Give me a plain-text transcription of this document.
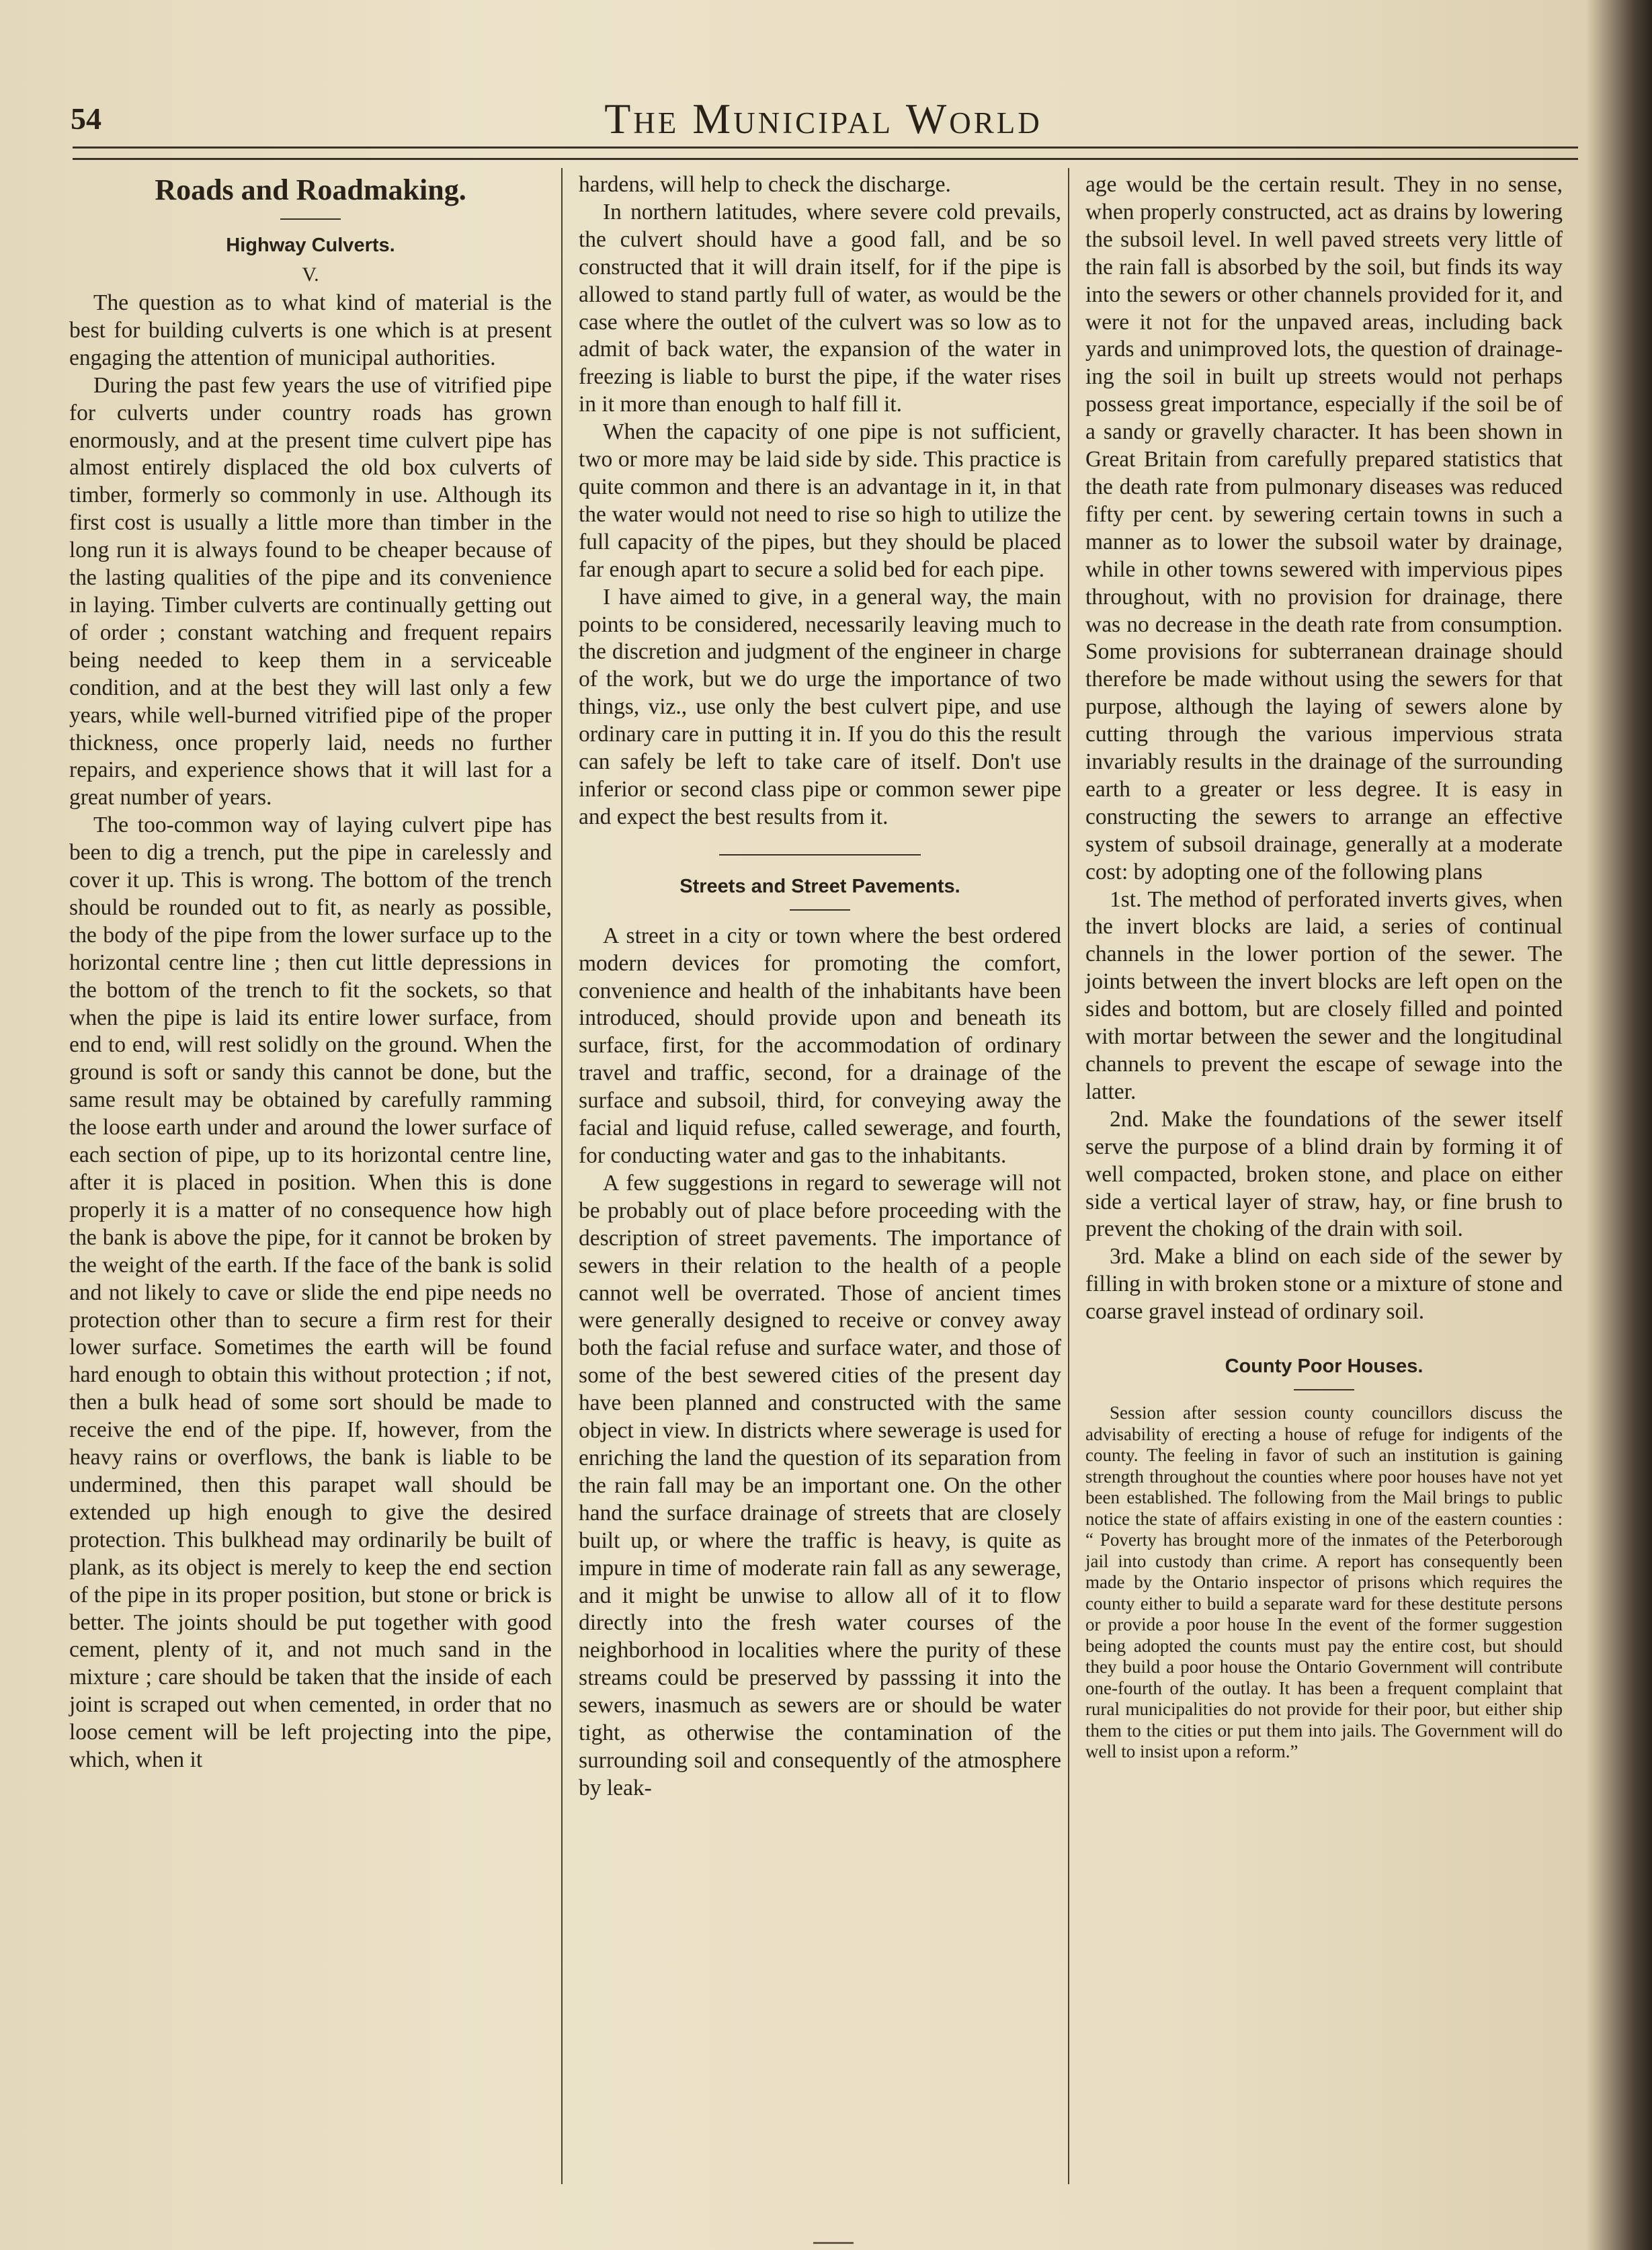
54	The Municipal World
Roads and Roadmaking.
Highway Culverts.
V.

The question as to what kind of material is the best for building culverts is one which is at present engaging the attention of municipal authorities.

During the past few years the use of vitrified pipe for culverts under country roads has grown enormously, and at the present time culvert pipe has almost entirely displaced the old box culverts of timber, formerly so commonly in use. Although its first cost is usually a little more than timber in the long run it is always found to be cheaper because of the lasting qualities of the pipe and its convenience in laying. Timber culverts are continually getting out of order ; constant watching and frequent repairs being needed to keep them in a serviceable condition, and at the best they will last only a few years, while well-burned vitrified pipe of the proper thickness, once properly laid, needs no further repairs, and experience shows that it will last for a great number of years.

The too-common way of laying culvert pipe has been to dig a trench, put the pipe in carelessly and cover it up. This is wrong. The bottom of the trench should be rounded out to fit, as nearly as possible, the body of the pipe from the lower surface up to the horizontal centre line ; then cut little depressions in the bottom of the trench to fit the sockets, so that when the pipe is laid its entire lower surface, from end to end, will rest solidly on the ground. When the ground is soft or sandy this cannot be done, but the same result may be obtained by carefully ramming the loose earth under and around the lower surface of each section of pipe, up to its horizontal centre line, after it is placed in position. When this is done properly it is a matter of no consequence how high the bank is above the pipe, for it cannot be broken by the weight of the earth. If the face of the bank is solid and not likely to cave or slide the end pipe needs no protection other than to secure a firm rest for their lower surface. Sometimes the earth will be found hard enough to obtain this without protection ; if not, then a bulk head of some sort should be made to receive the end of the pipe. If, however, from the heavy rains or overflows, the bank is liable to be undermined, then this parapet wall should be extended up high enough to give the desired protection. This bulkhead may ordinarily be built of plank, as its object is merely to keep the end section of the pipe in its proper position, but stone or brick is better. The joints should be put together with good cement, plenty of it, and not much sand in the mixture ; care should be taken that the inside of each joint is scraped out when cemented, in order that no loose cement will be left projecting into the pipe, which, when it

hardens, will help to check the discharge.

In northern latitudes, where severe cold prevails, the culvert should have a good fall, and be so constructed that it will drain itself, for if the pipe is allowed to stand partly full of water, as would be the case where the outlet of the culvert was so low as to admit of back water, the expansion of the water in freezing is liable to burst the pipe, if the water rises in it more than enough to half fill it.

When the capacity of one pipe is not sufficient, two or more may be laid side by side. This practice is quite common and there is an advantage in it, in that the water would not need to rise so high to utilize the full capacity of the pipes, but they should be placed far enough apart to secure a solid bed for each pipe.

I have aimed to give, in a general way, the main points to be considered, necessarily leaving much to the discretion and judgment of the engineer in charge of the work, but we do urge the importance of two things, viz., use only the best culvert pipe, and use ordinary care in putting it in. If you do this the result can safely be left to take care of itself. Don't use inferior or second class pipe or common sewer pipe and expect the best results from it.

Streets and Street Pavements.

A street in a city or town where the best ordered modern devices for promoting the comfort, convenience and health of the inhabitants have been introduced, should provide upon and beneath its surface, first, for the accommodation of ordinary travel and traffic, second, for a drainage of the surface and subsoil, third, for conveying away the facial and liquid refuse, called sewerage, and fourth, for conducting water and gas to the inhabitants.

A few suggestions in regard to sewerage will not be probably out of place before proceeding with the description of street pavements. The importance of sewers in their relation to the health of a people cannot well be overrated. Those of ancient times were generally designed to receive or convey away both the facial refuse and surface water, and those of some of the best sewered cities of the present day have been planned and constructed with the same object in view. In districts where sewerage is used for enriching the land the question of its separation from the rain fall may be an important one. On the other hand the surface drainage of streets that are closely built up, or where the traffic is heavy, is quite as impure in time of moderate rain fall as any sewerage, and it might be unwise to allow all of it to flow directly into the fresh water courses of the neighborhood in localities where the purity of these streams could be preserved by passsing it into the sewers, inasmuch as sewers are or should be water tight, as otherwise the contamination of the surrounding soil and consequently of the atmosphere by leak-

age would be the certain result. They in no sense, when properly constructed, act as drains by lowering the subsoil level. In well paved streets very little of the rain fall is absorbed by the soil, but finds its way into the sewers or other channels provided for it, and were it not for the unpaved areas, including back yards and unimproved lots, the question of drainage-ing the soil in built up streets would not perhaps possess great importance, especially if the soil be of a sandy or gravelly character. It has been shown in Great Britain from carefully prepared statistics that the death rate from pulmonary diseases was reduced fifty per cent. by sewering certain towns in such a manner as to lower the subsoil water by drainage, while in other towns sewered with impervious pipes throughout, with no provision for drainage, there was no decrease in the death rate from consumption. Some provisions for subterranean drainage should therefore be made without using the sewers for that purpose, although the laying of sewers alone by cutting through the various impervious strata invariably results in the drainage of the surrounding earth to a greater or less degree. It is easy in constructing the sewers to arrange an effective system of subsoil drainage, generally at a moderate cost: by adopting one of the following plans

1st. The method of perforated inverts gives, when the invert blocks are laid, a series of continual channels in the lower portion of the sewer. The joints between the invert blocks are left open on the sides and bottom, but are closely filled and pointed with mortar between the sewer and the longitudinal channels to prevent the escape of sewage into the latter.

2nd. Make the foundations of the sewer itself serve the purpose of a blind drain by forming it of well compacted, broken stone, and place on either side a vertical layer of straw, hay, or fine brush to prevent the choking of the drain with soil.

3rd. Make a blind on each side of the sewer by filling in with broken stone or a mixture of stone and coarse gravel instead of ordinary soil.

County Poor Houses.

Session after session county councillors discuss the advisability of erecting a house of refuge for indigents of the county. The feeling in favor of such an institution is gaining strength throughout the counties where poor houses have not yet been established. The following from the Mail brings to public notice the state of affairs existing in one of the eastern counties : “ Poverty has brought more of the inmates of the Peterborough jail into custody than crime. A report has consequently been made by the Ontario inspector of prisons which requires the county either to build a separate ward for these destitute persons or provide a poor house In the event of the former suggestion being adopted the counts must pay the entire cost, but should they build a poor house the Ontario Government will contribute one-fourth of the outlay. It has been a frequent complaint that rural municipalities do not provide for their poor, but either ship them to the cities or put them into jails. The Government will do well to insist upon a reform.”
